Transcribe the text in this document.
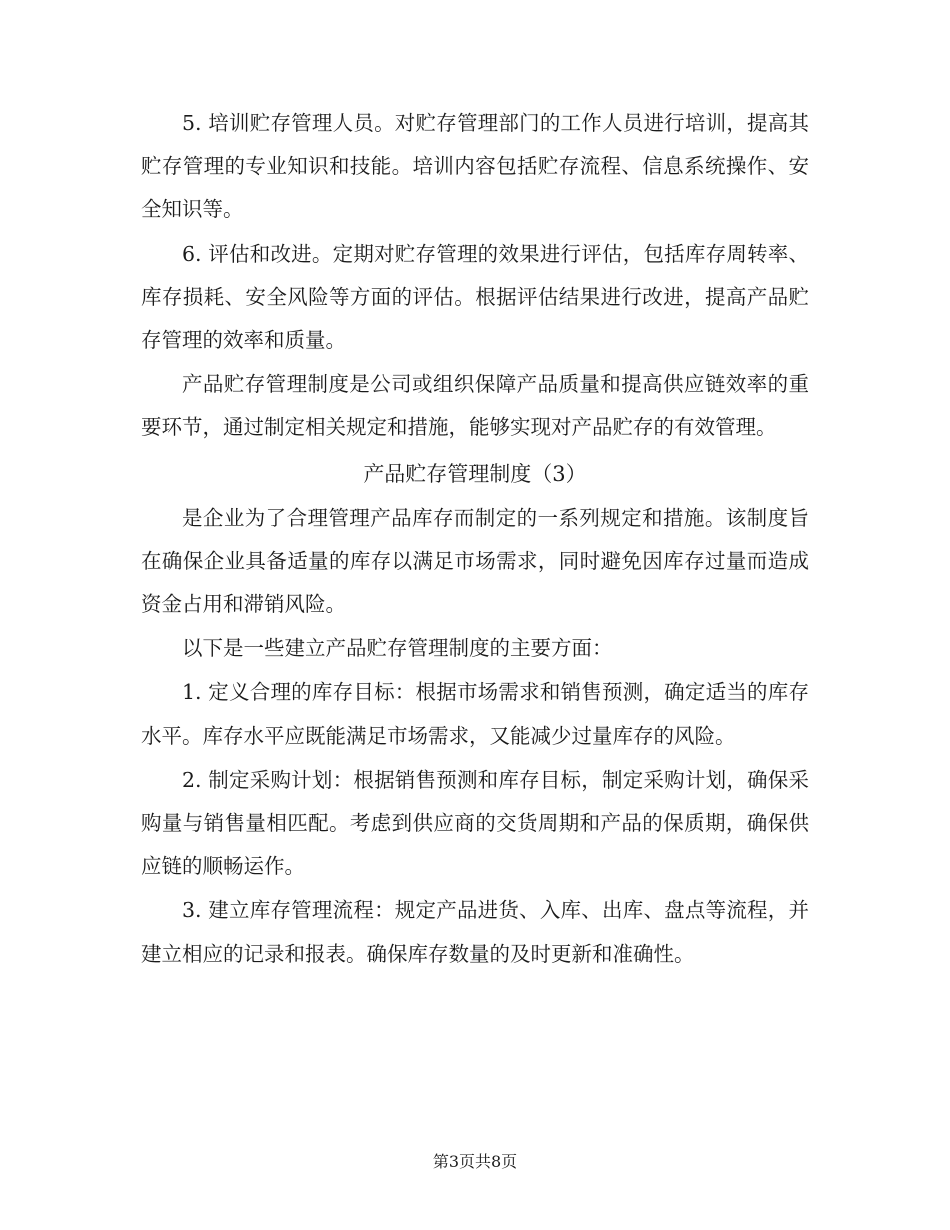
5. 培训贮存管理人员。对贮存管理部门的工作人员进行培训，提高其贮存管理的专业知识和技能。培训内容包括贮存流程、信息系统操作、安全知识等。

6. 评估和改进。定期对贮存管理的效果进行评估，包括库存周转率、库存损耗、安全风险等方面的评估。根据评估结果进行改进，提高产品贮存管理的效率和质量。

产品贮存管理制度是公司或组织保障产品质量和提高供应链效率的重要环节，通过制定相关规定和措施，能够实现对产品贮存的有效管理。

产品贮存管理制度（3）

是企业为了合理管理产品库存而制定的一系列规定和措施。该制度旨在确保企业具备适量的库存以满足市场需求，同时避免因库存过量而造成资金占用和滞销风险。

以下是一些建立产品贮存管理制度的主要方面：

1. 定义合理的库存目标：根据市场需求和销售预测，确定适当的库存水平。库存水平应既能满足市场需求，又能减少过量库存的风险。

2. 制定采购计划：根据销售预测和库存目标，制定采购计划，确保采购量与销售量相匹配。考虑到供应商的交货周期和产品的保质期，确保供应链的顺畅运作。

3. 建立库存管理流程：规定产品进货、入库、出库、盘点等流程，并建立相应的记录和报表。确保库存数量的及时更新和准确性。

第3页共8页
